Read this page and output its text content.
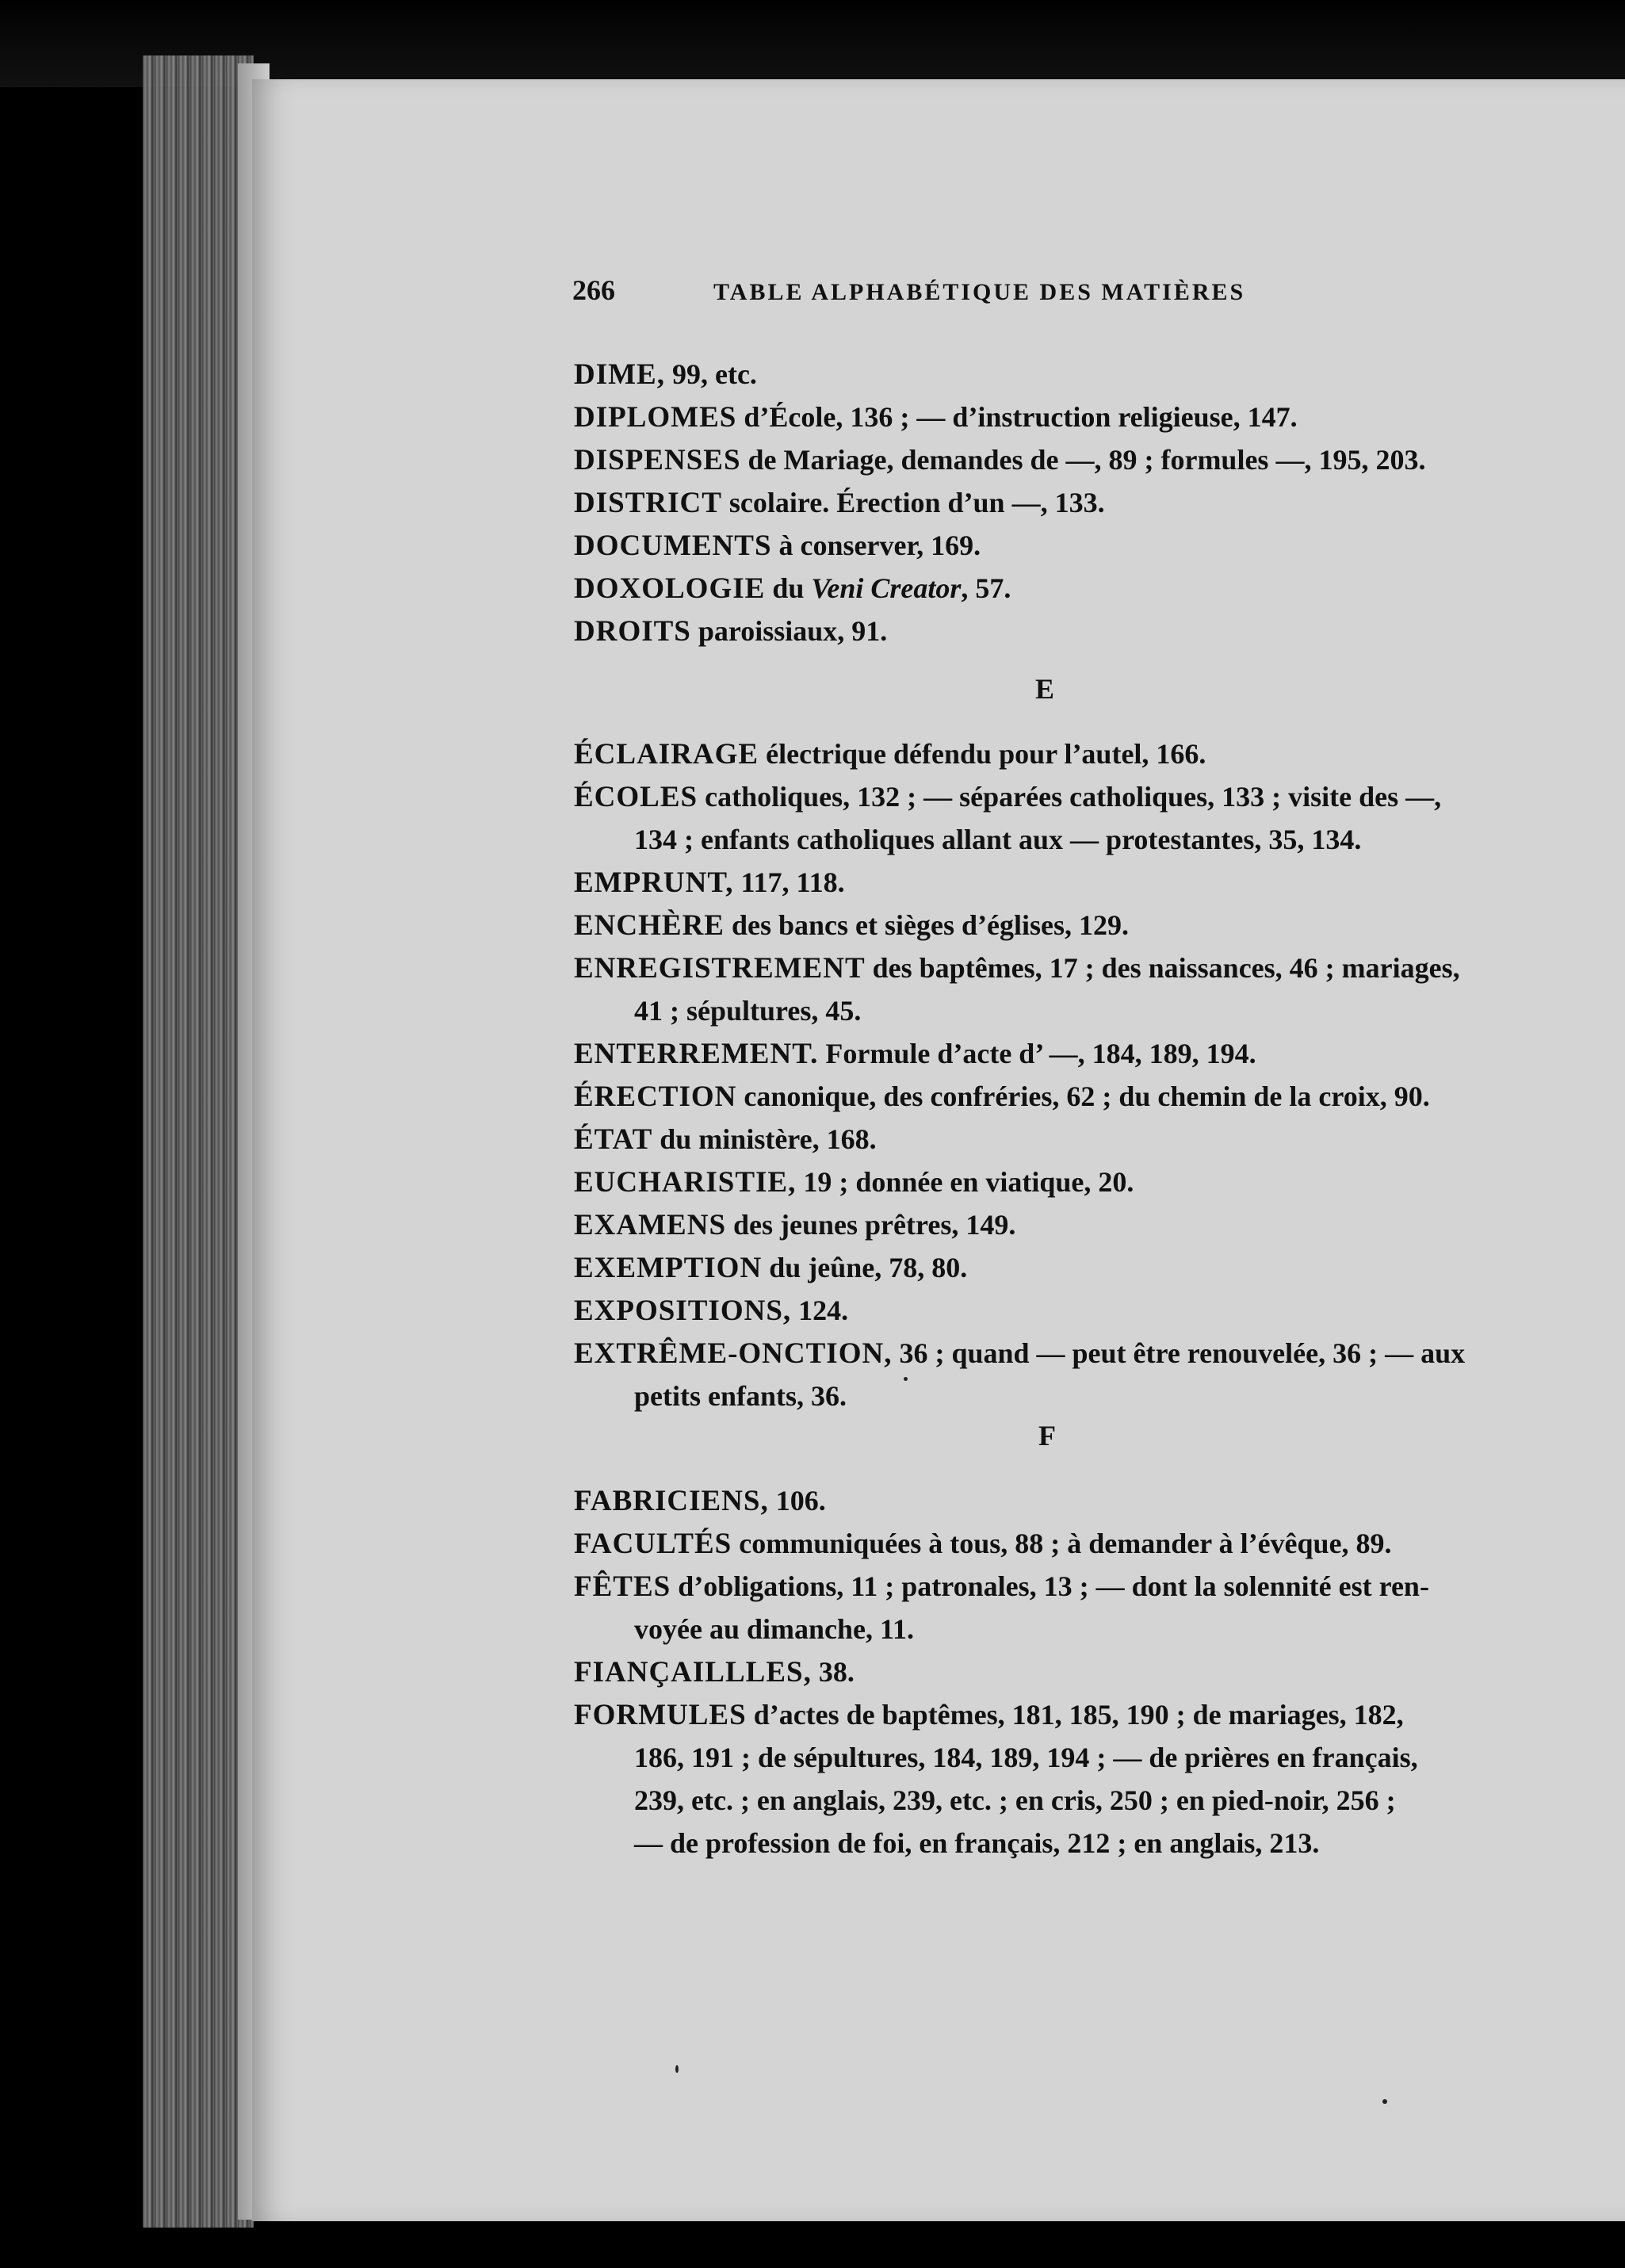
266	TABLE ALPHABÉTIQUE DES MATIÈRES
DIME, 99, etc.
DIPLOMES d’École, 136 ; — d’instruction religieuse, 147.
DISPENSES de Mariage, demandes de —, 89 ; formules —, 195, 203.
DISTRICT scolaire. Érection d’un —, 133.
DOCUMENTS à conserver, 169.
DOXOLOGIE du Veni Creator, 57.
DROITS paroissiaux, 91.
E
ÉCLAIRAGE électrique défendu pour l’autel, 166.
ÉCOLES catholiques, 132 ; — séparées catholiques, 133 ; visite des —,
134 ; enfants catholiques allant aux — protestantes, 35, 134.
EMPRUNT, 117, 118.
ENCHÈRE des bancs et sièges d’églises, 129.
ENREGISTREMENT des baptêmes, 17 ; des naissances, 46 ; mariages,
41 ; sépultures, 45.
ENTERREMENT. Formule d’acte d’ —, 184, 189, 194.
ÉRECTION canonique, des confréries, 62 ; du chemin de la croix, 90.
ÉTAT du ministère, 168.
EUCHARISTIE, 19 ; donnée en viatique, 20.
EXAMENS des jeunes prêtres, 149.
EXEMPTION du jeûne, 78, 80.
EXPOSITIONS, 124.
EXTRÊME-ONCTION, 36 ; quand — peut être renouvelée, 36 ; — aux
petits enfants, 36.
F
FABRICIENS, 106.
FACULTÉS communiquées à tous, 88 ; à demander à l’évêque, 89.
FÊTES d’obligations, 11 ; patronales, 13 ; — dont la solennité est ren-
voyée au dimanche, 11.
FIANÇAILLLES, 38.
FORMULES d’actes de baptêmes, 181, 185, 190 ; de mariages, 182,
186, 191 ; de sépultures, 184, 189, 194 ; — de prières en français,
239, etc. ; en anglais, 239, etc. ; en cris, 250 ; en pied-noir, 256 ;
— de profession de foi, en français, 212 ; en anglais, 213.
